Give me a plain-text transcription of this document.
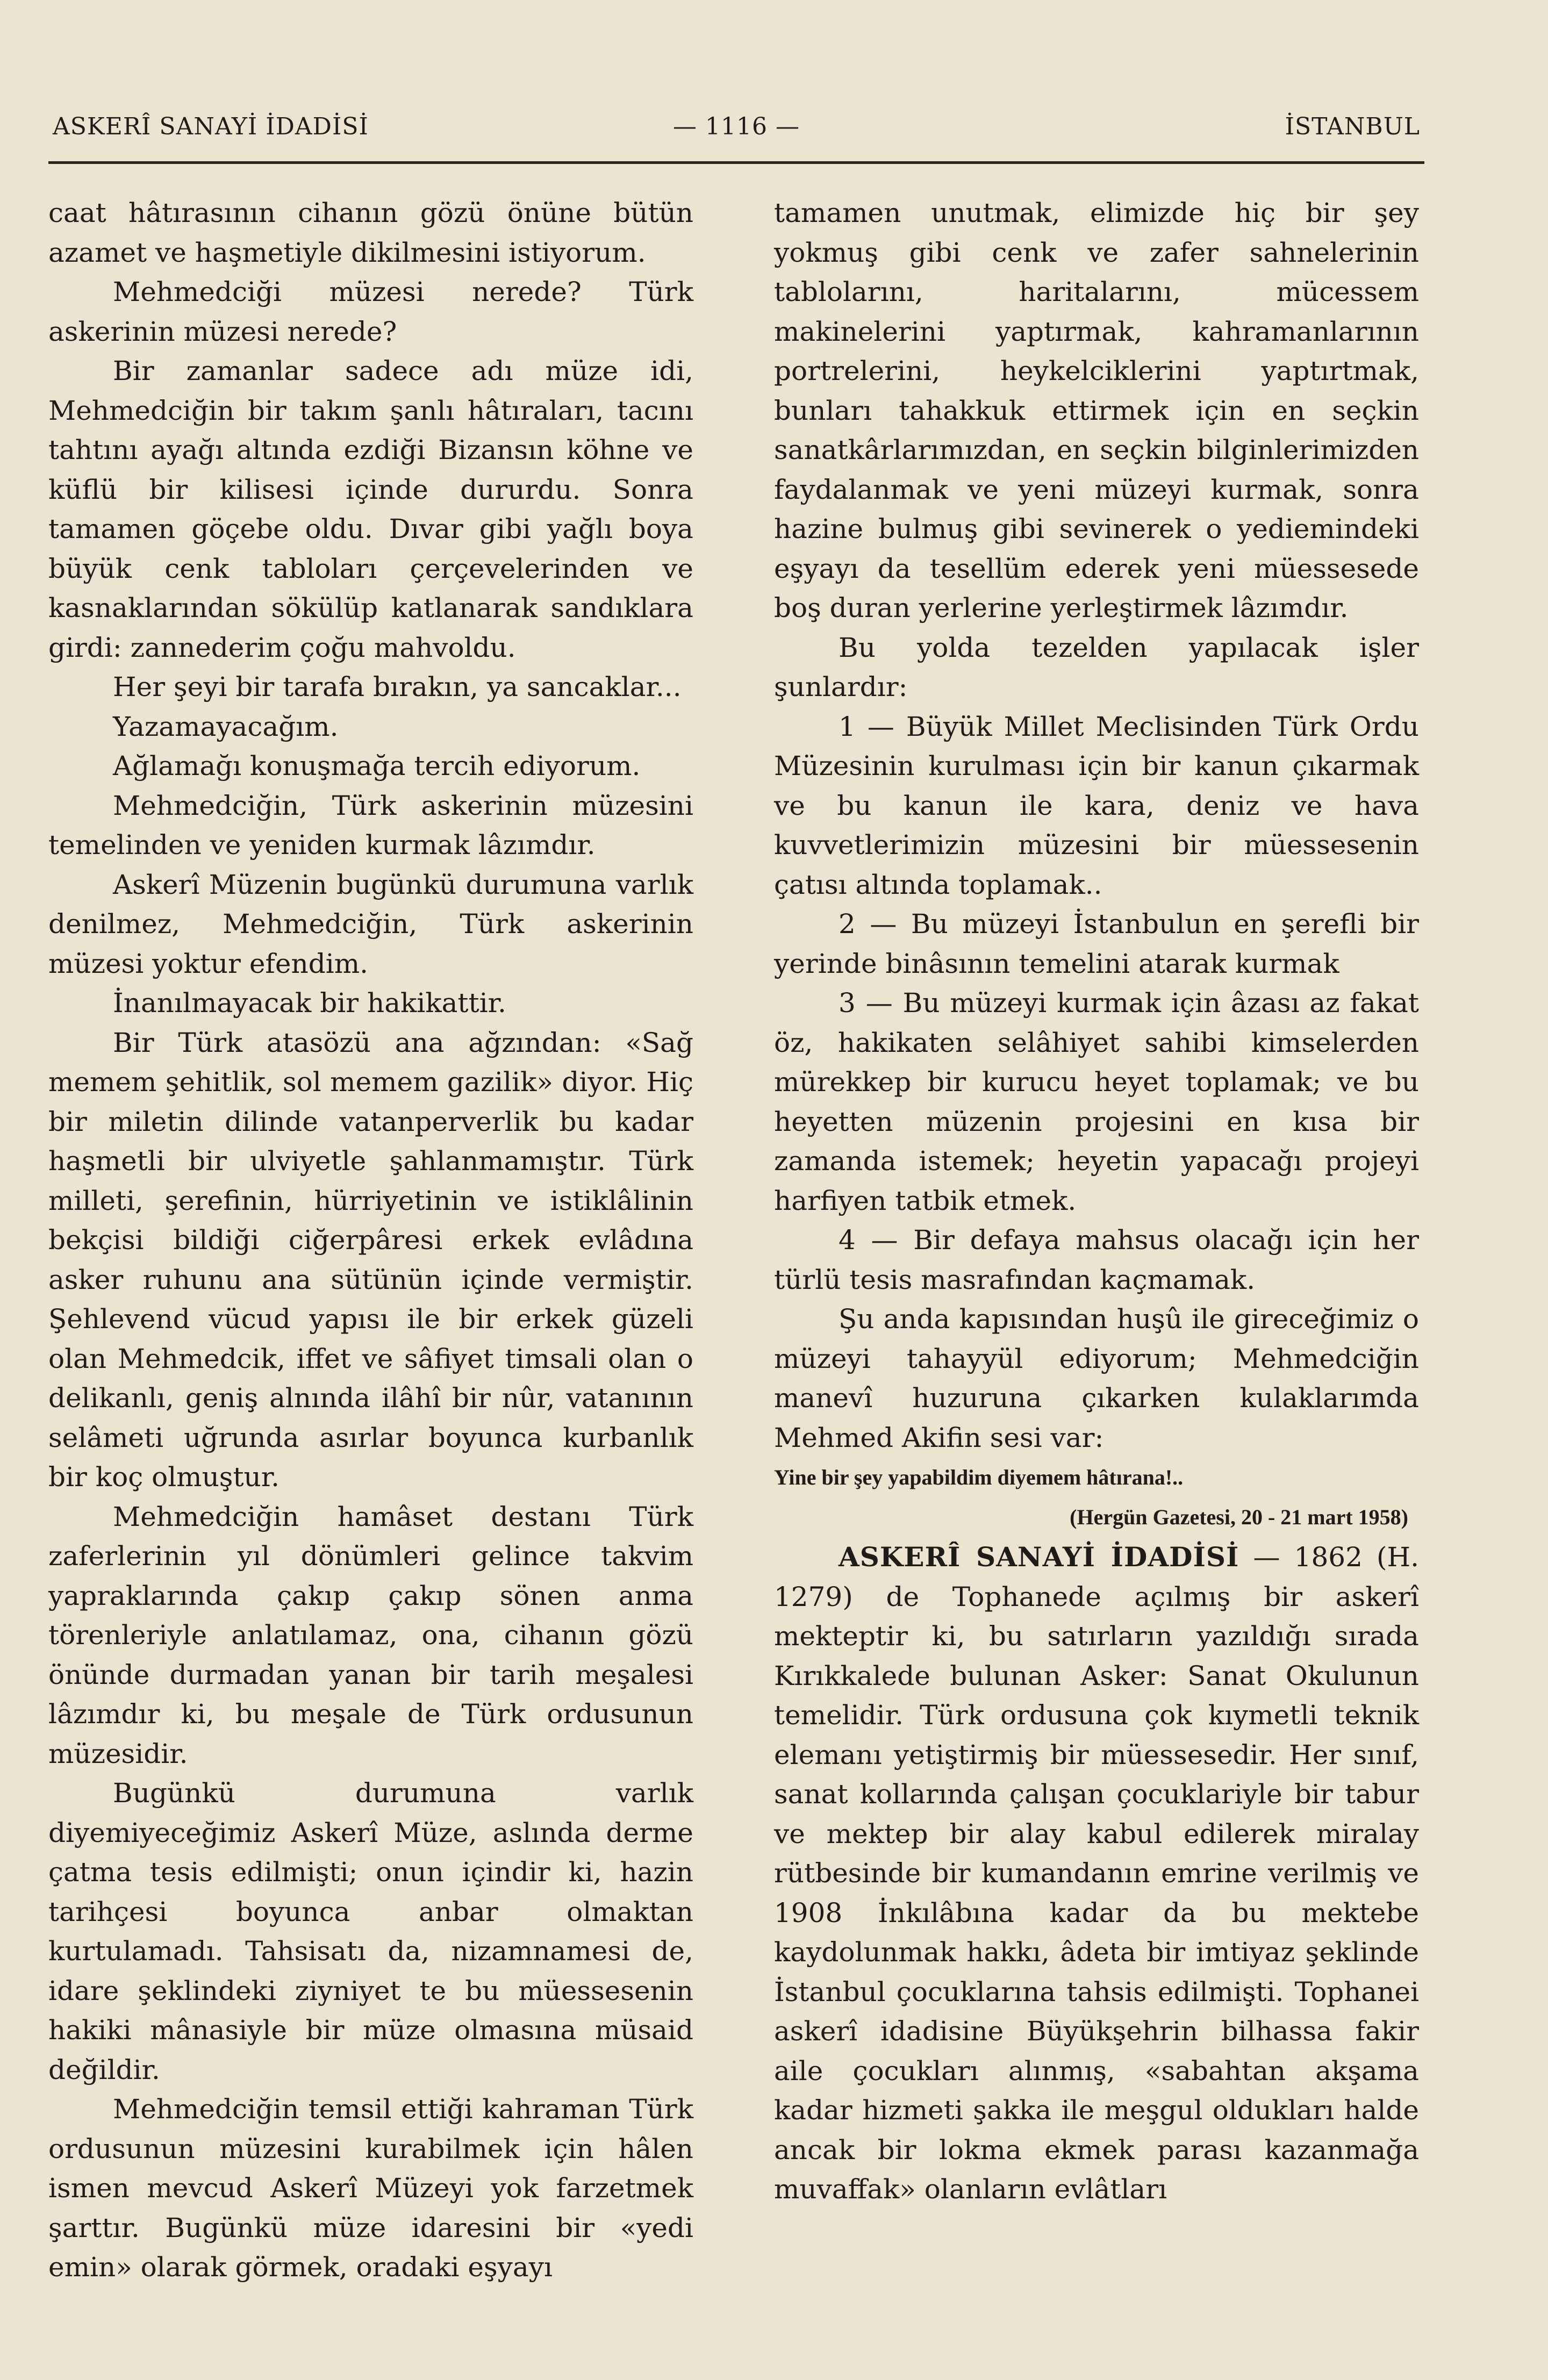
ASKERÎ SANAYİ İDADİSİ	— 1116 —	İSTANBUL

caat hâtırasının cihanın gözü önüne bütün azamet ve haşmetiyle dikilmesini istiyorum.

Mehmedciği müzesi nerede? Türk askerinin müzesi nerede?

Bir zamanlar sadece adı müze idi, Mehmedciğin bir takım şanlı hâtıraları, tacını tahtını ayağı altında ezdiği Bizansın köhne ve küflü bir kilisesi içinde dururdu. Sonra tamamen göçebe oldu. Dıvar gibi yağlı boya büyük cenk tabloları çerçevelerinden ve kasnaklarından sökülüp katlanarak sandıklara girdi: zannederim çoğu mahvoldu.

Her şeyi bir tarafa bırakın, ya sancaklar...

Yazamayacağım.

Ağlamağı konuşmağa tercih ediyorum.

Mehmedciğin, Türk askerinin müzesini temelinden ve yeniden kurmak lâzımdır.

Askerî Müzenin bugünkü durumuna varlık denilmez, Mehmedciğin, Türk askerinin müzesi yoktur efendim.

İnanılmayacak bir hakikattir.

Bir Türk atasözü ana ağzından: «Sağ memem şehitlik, sol memem gazilik» diyor. Hiç bir miletin dilinde vatanperverlik bu kadar haşmetli bir ulviyetle şahlanmamıştır. Türk milleti, şerefinin, hürriyetinin ve istiklâlinin bekçisi bildiği ciğerpâresi erkek evlâdına asker ruhunu ana sütünün içinde vermiştir. Şehlevend vücud yapısı ile bir erkek güzeli olan Mehmedcik, iffet ve sâfiyet timsali olan o delikanlı, geniş alnında ilâhî bir nûr, vatanının selâmeti uğrunda asırlar boyunca kurbanlık bir koç olmuştur.

Mehmedciğin hamâset destanı Türk zaferlerinin yıl dönümleri gelince takvim yapraklarında çakıp çakıp sönen anma törenleriyle anlatılamaz, ona, cihanın gözü önünde durmadan yanan bir tarih meşalesi lâzımdır ki, bu meşale de Türk ordusunun müzesidir.

Bugünkü durumuna varlık diyemiyeceğimiz Askerî Müze, aslında derme çatma tesis edilmişti; onun içindir ki, hazin tarihçesi boyunca anbar olmaktan kurtulamadı. Tahsisatı da, nizamnamesi de, idare şeklindeki ziyniyet te bu müessesenin hakiki mânasiyle bir müze olmasına müsaid değildir.

Mehmedciğin temsil ettiği kahraman Türk ordusunun müzesini kurabilmek için hâlen ismen mevcud Askerî Müzeyi yok farzetmek şarttır. Bugünkü müze idaresini bir «yedi emin» olarak görmek, oradaki eşyayı

tamamen unutmak, elimizde hiç bir şey yokmuş gibi cenk ve zafer sahnelerinin tablolarını, haritalarını, mücessem makinelerini yaptırmak, kahramanlarının portrelerini, heykelciklerini yaptırtmak, bunları tahakkuk ettirmek için en seçkin sanatkârlarımızdan, en seçkin bilginlerimizden faydalanmak ve yeni müzeyi kurmak, sonra hazine bulmuş gibi sevinerek o yediemindeki eşyayı da tesellüm ederek yeni müessesede boş duran yerlerine yerleştirmek lâzımdır.

Bu yolda tezelden yapılacak işler şunlardır:

1 — Büyük Millet Meclisinden Türk Ordu Müzesinin kurulması için bir kanun çıkarmak ve bu kanun ile kara, deniz ve hava kuvvetlerimizin müzesini bir müessesenin çatısı altında toplamak..

2 — Bu müzeyi İstanbulun en şerefli bir yerinde binâsının temelini atarak kurmak

3 — Bu müzeyi kurmak için âzası az fakat öz, hakikaten selâhiyet sahibi kimselerden mürekkep bir kurucu heyet toplamak; ve bu heyetten müzenin projesini en kısa bir zamanda istemek; heyetin yapacağı projeyi harfiyen tatbik etmek.

4 — Bir defaya mahsus olacağı için her türlü tesis masrafından kaçmamak.

Şu anda kapısından huşû ile gireceğimiz o müzeyi tahayyül ediyorum; Mehmedciğin manevî huzuruna çıkarken kulaklarımda Mehmed Akifin sesi var:

Yine bir şey yapabildim diyemem hâtırana!..

(Hergün Gazetesi, 20 - 21 mart 1958)

ASKERÎ SANAYİ İDADİSİ — 1862 (H. 1279) de Tophanede açılmış bir askerî mekteptir ki, bu satırların yazıldığı sırada Kırıkkalede bulunan Asker: Sanat Okulunun temelidir. Türk ordusuna çok kıymetli teknik elemanı yetiştirmiş bir müessesedir. Her sınıf, sanat kollarında çalışan çocuklariyle bir tabur ve mektep bir alay kabul edilerek miralay rütbesinde bir kumandanın emrine verilmiş ve 1908 İnkılâbına kadar da bu mektebe kaydolunmak hakkı, âdeta bir imtiyaz şeklinde İstanbul çocuklarına tahsis edilmişti. Tophanei askerî idadisine Büyükşehrin bilhassa fakir aile çocukları alınmış, «sabahtan akşama kadar hizmeti şakka ile meşgul oldukları halde ancak bir lokma ekmek parası kazanmağa muvaffak» olanların evlâtları
